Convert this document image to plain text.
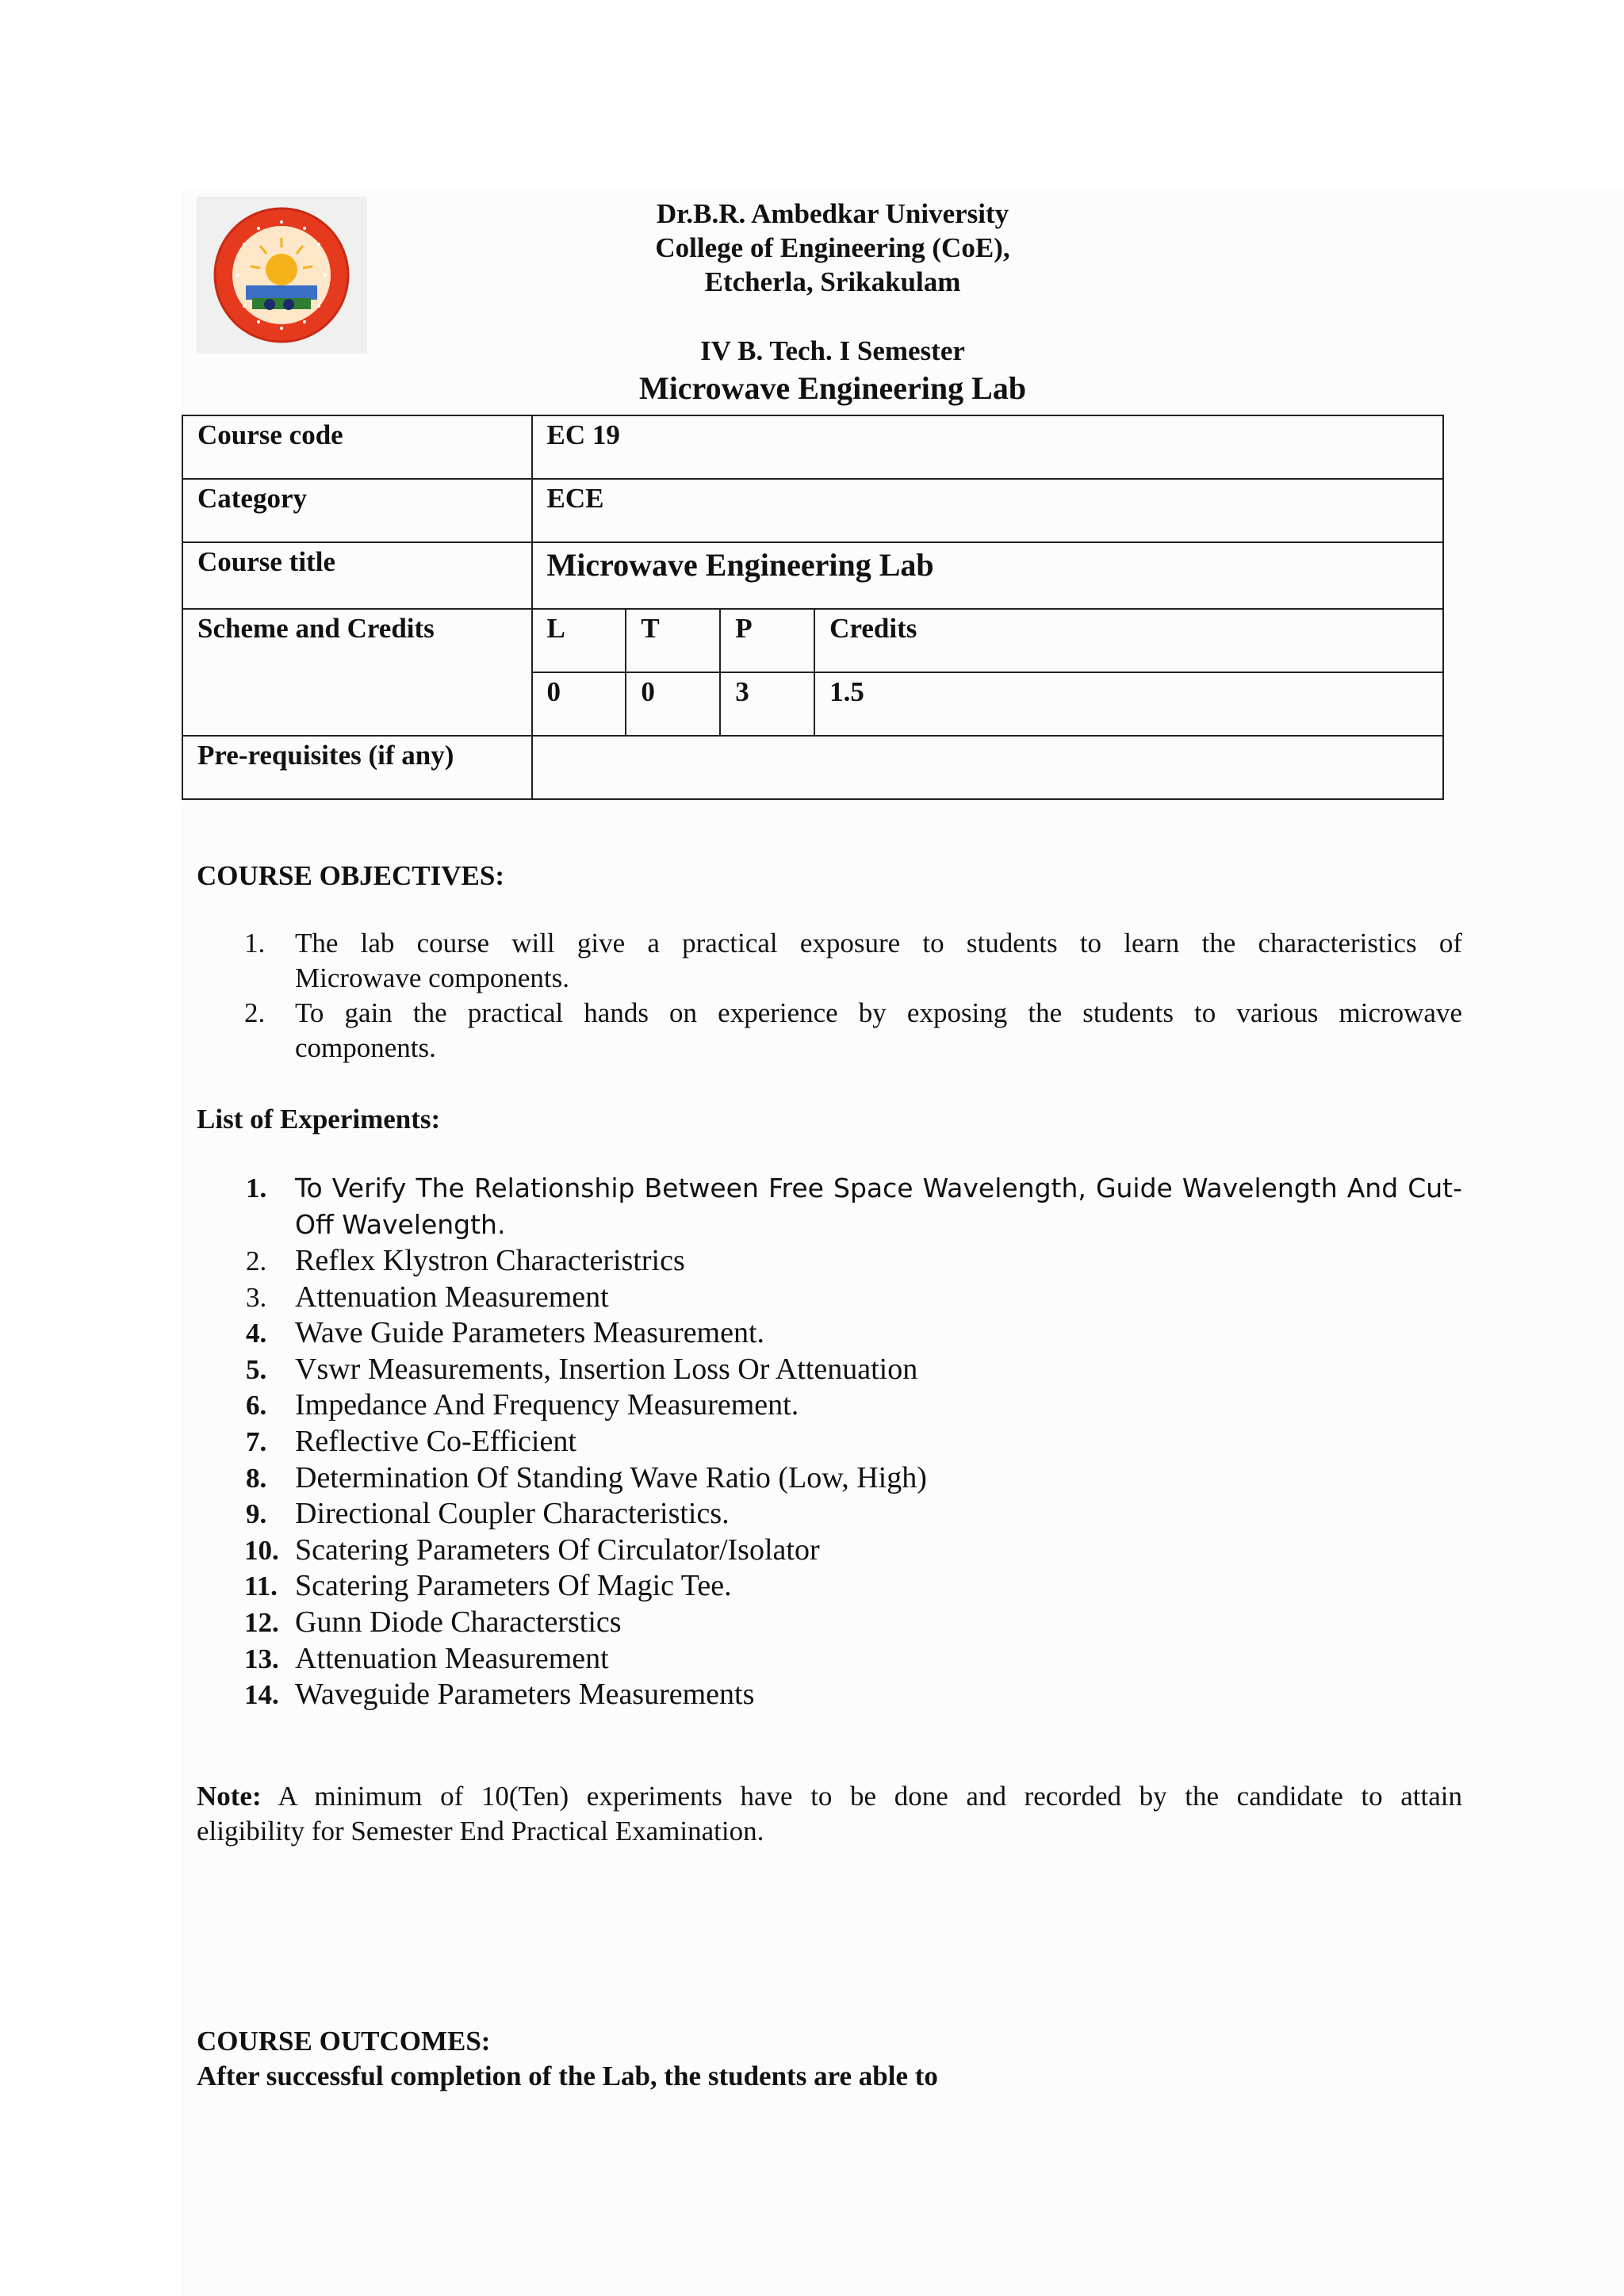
Dr.B.R. Ambedkar University
College of Engineering (CoE),
Etcherla, Srikakulam
IV B. Tech. I Semester
Microwave Engineering Lab
Course code	EC 19			
Category	ECE			
Course title	Microwave Engineering Lab			
Scheme and Credits	L	T	P	Credits
	0	0	3	1.5
Pre-requisites (if any)				
COURSE OBJECTIVES:
1. The lab course will give a practical exposure to students to learn the characteristics of
Microwave components.
2. To gain the practical hands on experience by exposing the students to various microwave
components.
List of Experiments:
1. To Verify The Relationship Between Free Space Wavelength, Guide Wavelength And Cut- Off Wavelength.
2. Reflex Klystron Characteristrics
3. Attenuation Measurement
4. Wave Guide Parameters Measurement.
5. Vswr Measurements, Insertion Loss Or Attenuation
6. Impedance And Frequency Measurement.
7. Reflective Co-Efficient
8. Determination Of Standing Wave Ratio (Low, High)
9. Directional Coupler Characteristics.
10. Scatering Parameters Of Circulator/Isolator
11. Scatering Parameters Of Magic Tee.
12. Gunn Diode Characterstics
13. Attenuation Measurement
14. Waveguide Parameters Measurements
Note: A minimum of 10(Ten) experiments have to be done and recorded by the candidate to attain
eligibility for Semester End Practical Examination.
COURSE OUTCOMES:
After successful completion of the Lab, the students are able to
